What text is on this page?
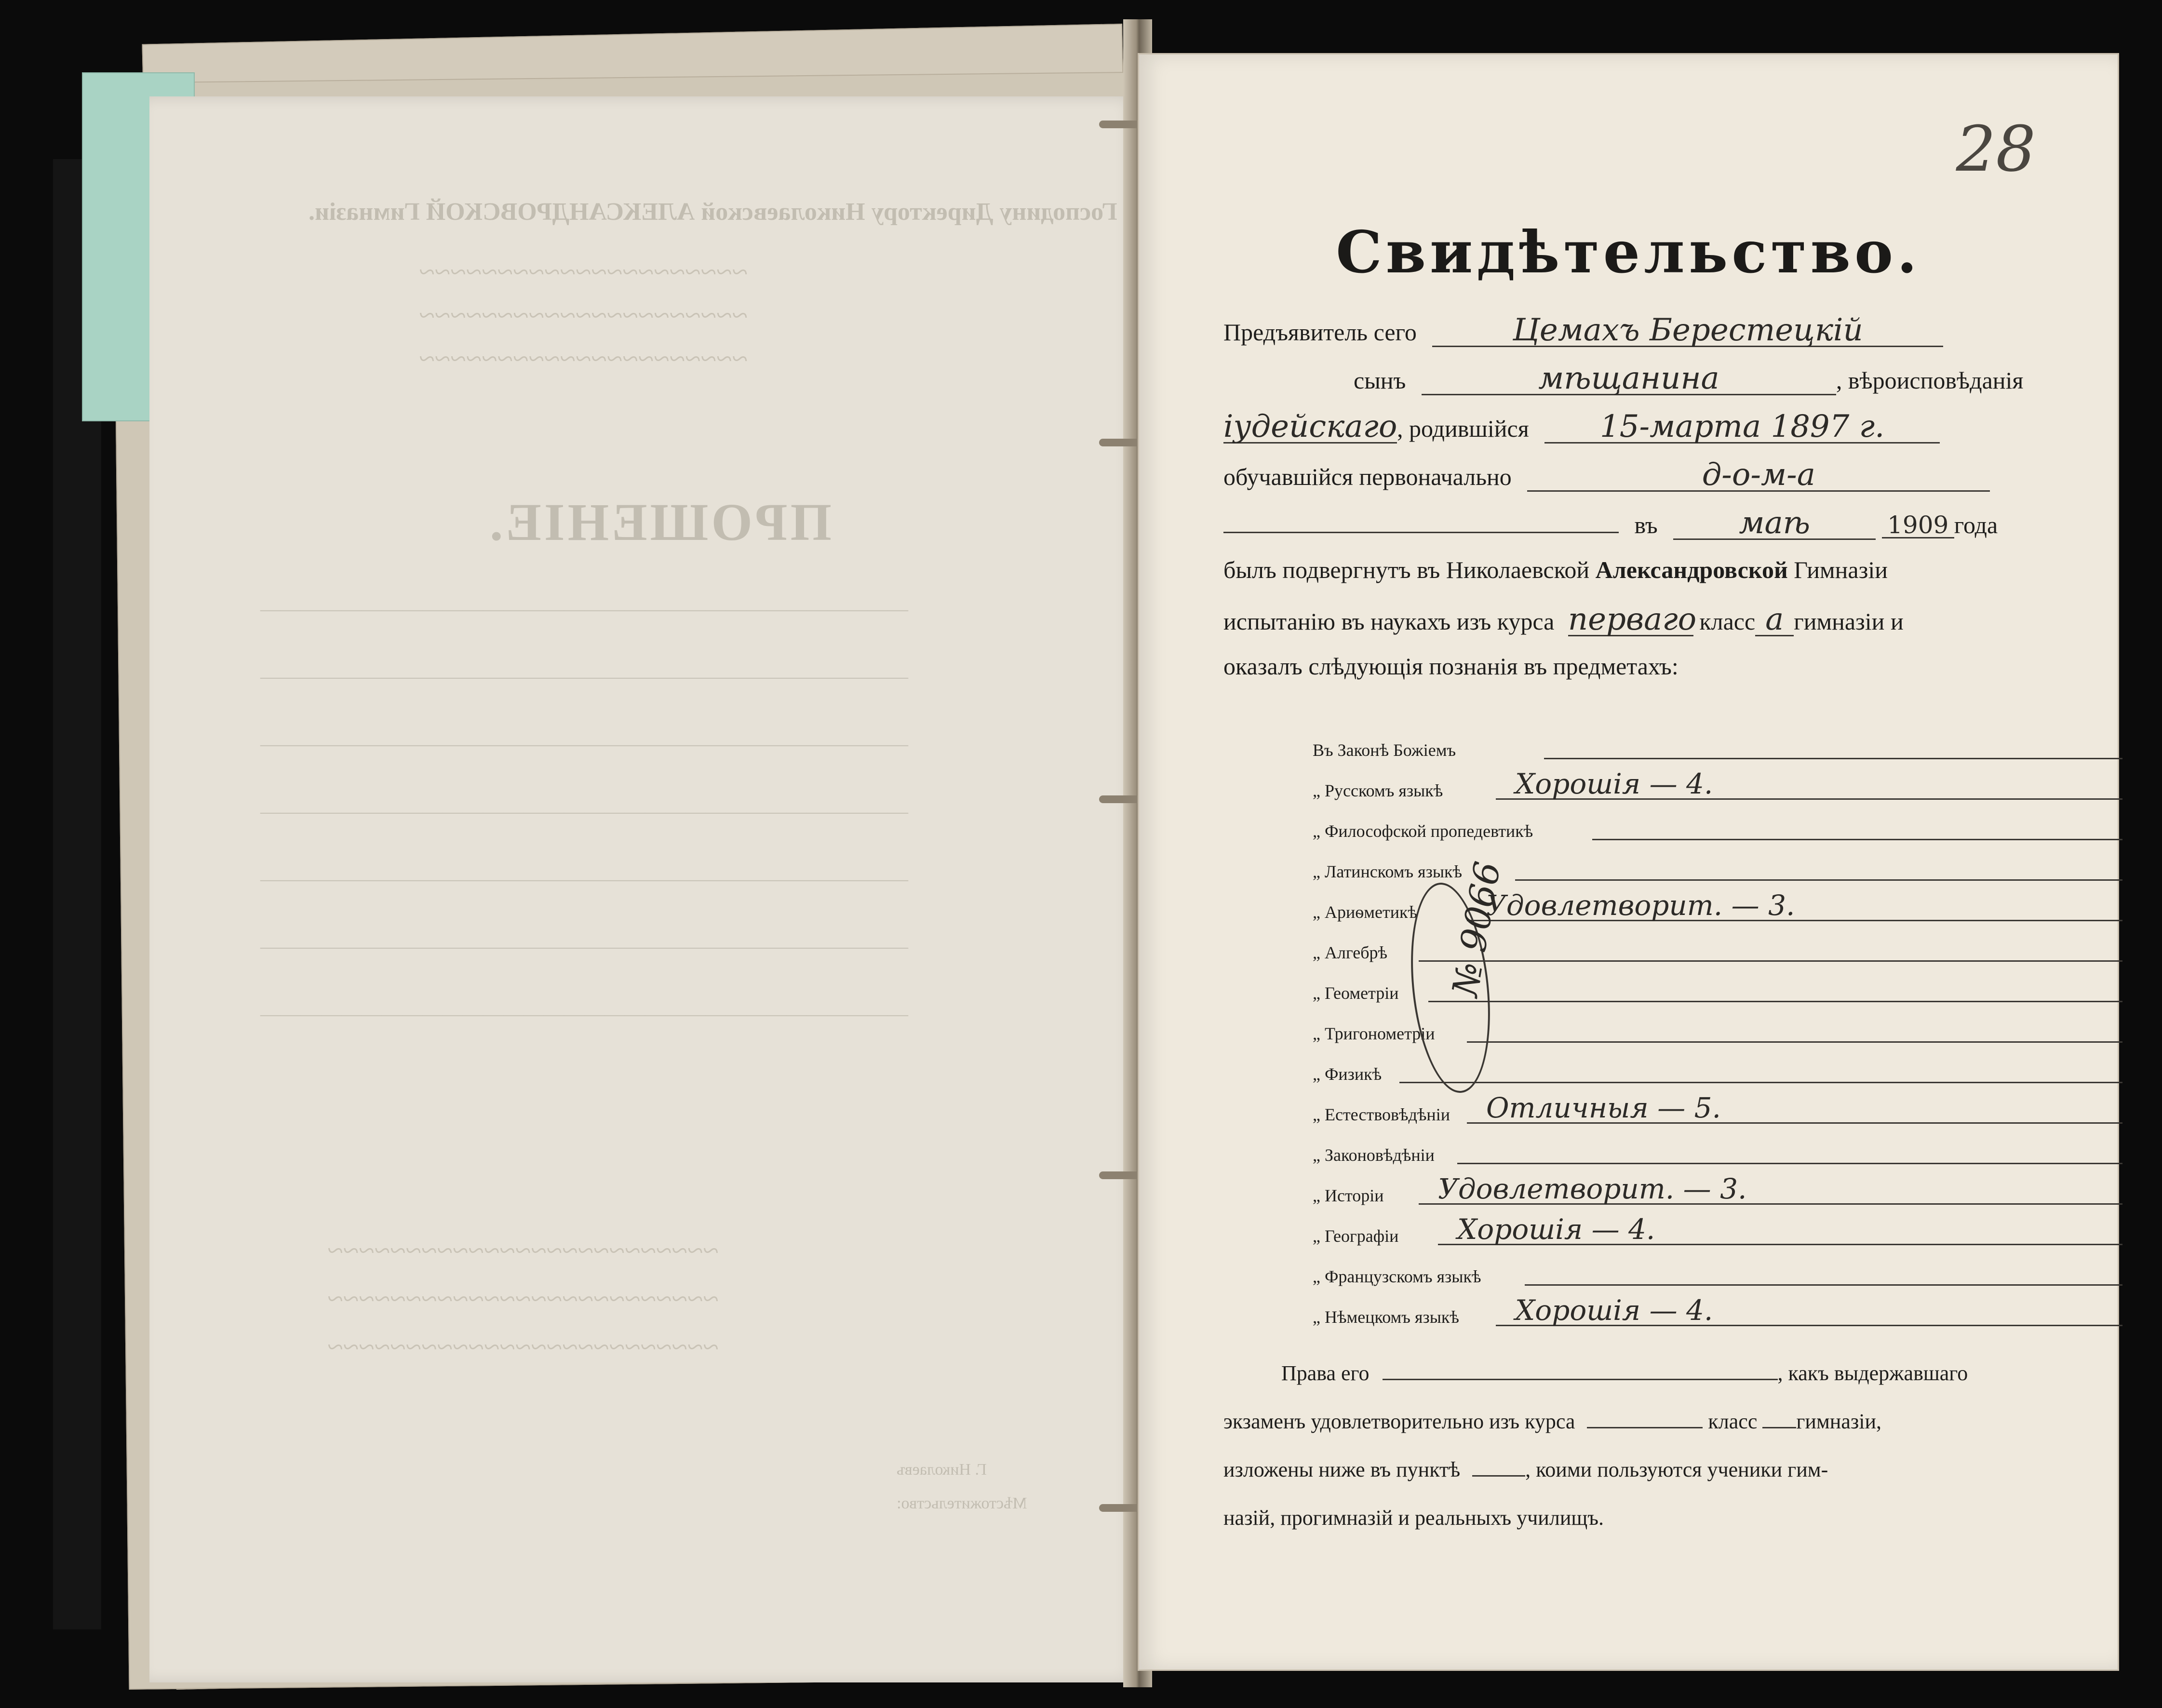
Господину Директору Николаевской АЛЕКСАНДРОВСКОЙ Гимназiи.
~~~~~~~~~~~~~~~~~~~~~
~~~~~~~~~~~~~~~~~~~~~
~~~~~~~~~~~~~~~~~~~~~
ПРОШЕНIЕ.
————————————————————————————————
————————————————————————————————
————————————————————————————————
————————————————————————————————
————————————————————————————————
————————————————————————————————
————————————————————————————————
~~~~~~~~~~~~~~~~~~~~~~~~~
~~~~~~~~~~~~~~~~~~~~~~~~~
~~~~~~~~~~~~~~~~~~~~~~~~~
Г. Николаевъ
Мѣстожительство:
28
Свидѣтельство.
Предъявитель сего	Цемахъ Берестецкiй
сынъ	мѣщанина	, вѣроисповѣданiя
iудейскаго, родившiйся 15-марта 1897 г.
обучавшiйся первоначально	д-о-м-а
въ	маѣ	1909 года
былъ подвергнутъ въ Николаевской Александровской Гимназiи
испытанiю въ наукахъ изъ курса перваго класс а гимназiи и
оказалъ слѣдующiя познанiя въ предметахъ:
Въ Законѣ Божiемъ
„ Русскомъ языкѣ	Хорошiя — 4.
„ Философской пропедевтикѣ
„ Латинскомъ языкѣ
„ Ариѳметикѣ	Удовлетворит. — 3.
„ Алгебрѣ
„ Геометрiи
„ Тригонометрiи
„ Физикѣ
„ Естествовѣдѣнiи	Отличныя — 5.
„ Законовѣдѣнiи
„ Исторiи	Удовлетворит. — 3.
„ Географiи	Хорошiя — 4.
„ Французскомъ языкѣ
„ Нѣмецкомъ языкѣ	Хорошiя — 4.
Права его	, какъ выдержавшаго
экзаменъ удовлетворительно изъ курса	класс гимназiи,
изложены ниже въ пунктѣ	, коими пользуются ученики гим-
назiй, прогимназiй и реальныхъ училищъ.
№ 9066
